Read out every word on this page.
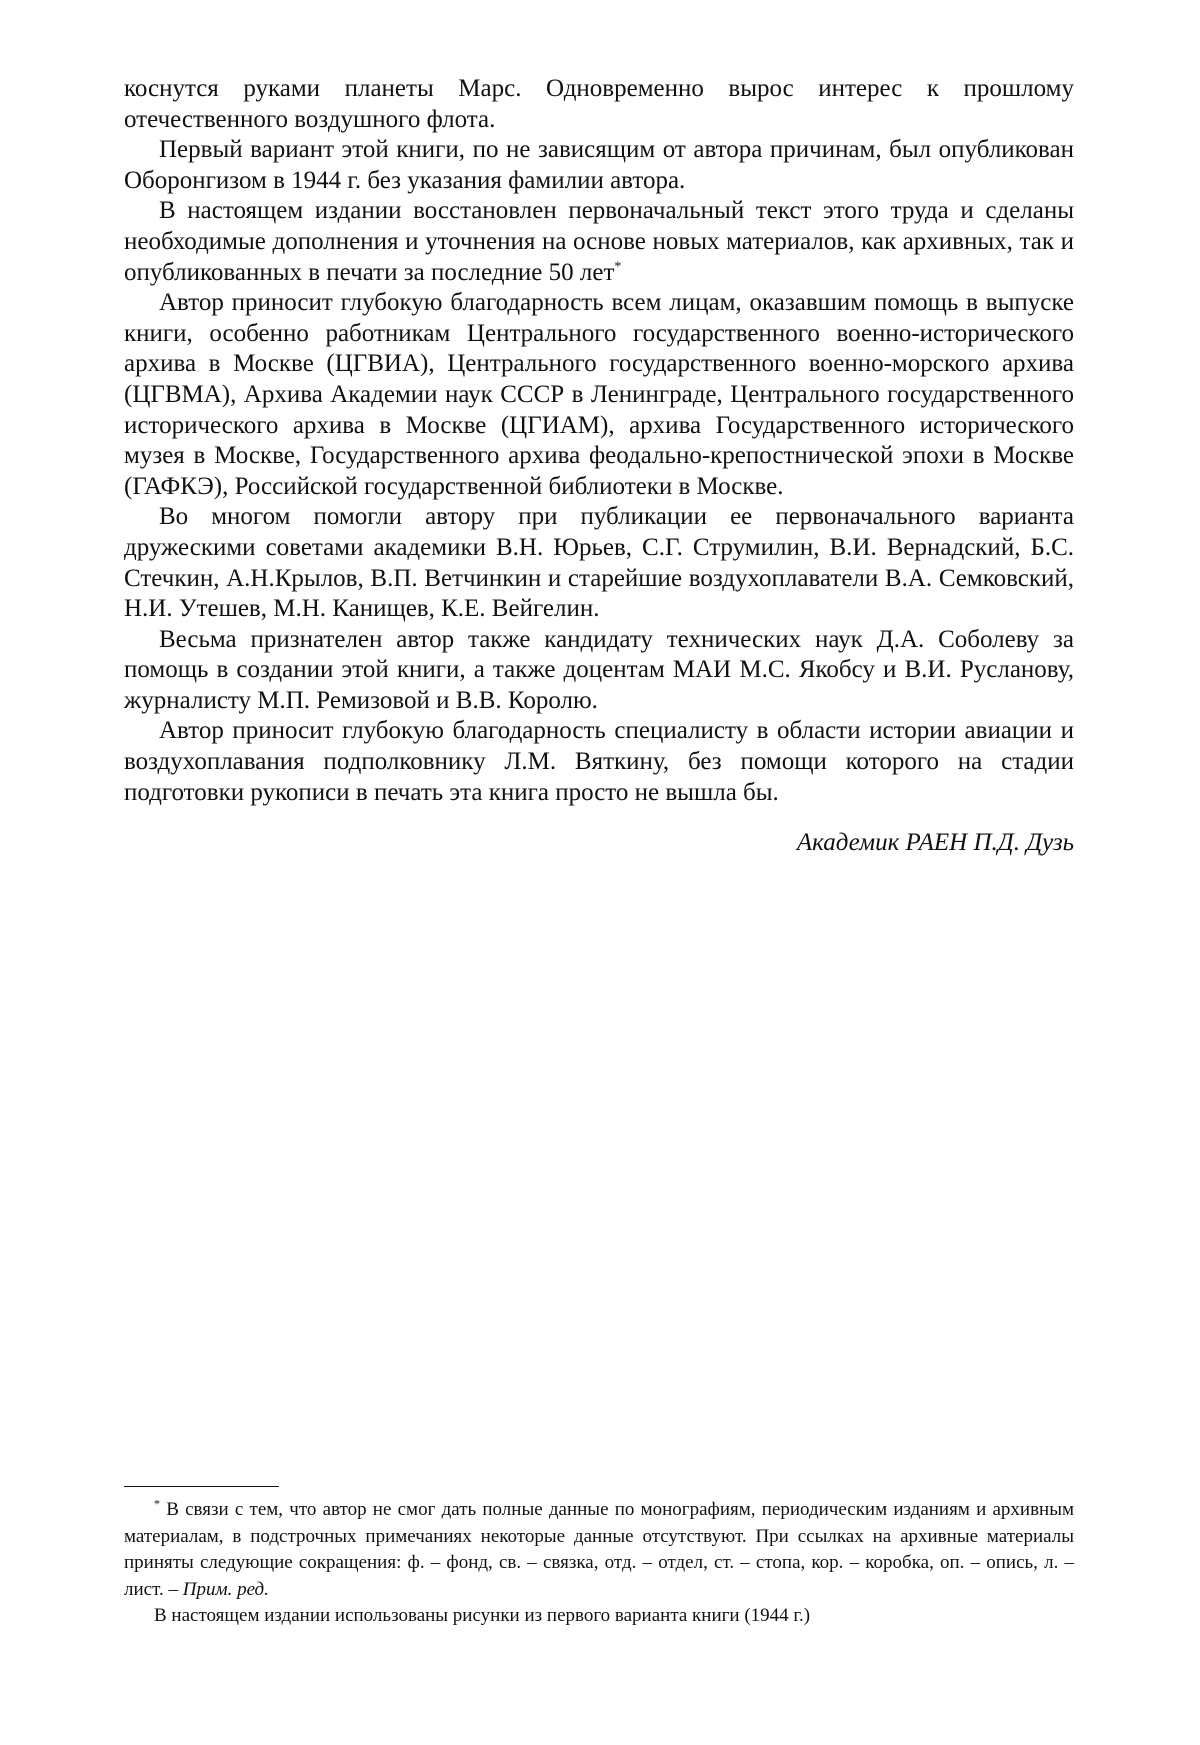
коснутся руками планеты Марс. Одновременно вырос интерес к прошлому отечественного воздушного флота.

Первый вариант этой книги, по не зависящим от автора причинам, был опубликован Оборонгизом в 1944 г. без указания фамилии автора.

В настоящем издании восстановлен первоначальный текст этого труда и сделаны необходимые дополнения и уточнения на основе новых материалов, как архивных, так и опубликованных в печати за последние 50 лет*

Автор приносит глубокую благодарность всем лицам, оказавшим помощь в выпуске книги, особенно работникам Центрального государственного военно-исторического архива в Москве (ЦГВИА), Центрального государственного военно-морского архива (ЦГВМА), Архива Академии наук СССР в Ленинграде, Центрального государственного исторического архива в Москве (ЦГИАМ), архива Государственного исторического музея в Москве, Государственного архива феодально-крепостнической эпохи в Москве (ГАФКЭ), Российской государственной библиотеки в Москве.

Во многом помогли автору при публикации ее первоначального варианта дружескими советами академики В.Н. Юрьев, С.Г. Струмилин, В.И. Вернадский, Б.С. Стечкин, А.Н.Крылов, В.П. Ветчинкин и старейшие воздухоплаватели В.А. Семковский, Н.И. Утешев, М.Н. Канищев, К.Е. Вейгелин.

Весьма признателен автор также кандидату технических наук Д.А. Соболеву за помощь в создании этой книги, а также доцентам МАИ М.С. Якобсу и В.И. Русланову, журналисту М.П. Ремизовой и В.В. Королю.

Автор приносит глубокую благодарность специалисту в области истории авиации и воздухоплавания подполковнику Л.М. Вяткину, без помощи которого на стадии подготовки рукописи в печать эта книга просто не вышла бы.

Академик РАЕН П.Д. Дузь

* В связи с тем, что автор не смог дать полные данные по монографиям, периодическим изданиям и архивным материалам, в подстрочных примечаниях некоторые данные отсутствуют. При ссылках на архивные материалы приняты следующие сокращения: ф. – фонд, св. – связка, отд. – отдел, ст. – стопа, кор. – коробка, оп. – опись, л. – лист. – Прим. ред.

В настоящем издании использованы рисунки из первого варианта книги (1944 г.)
